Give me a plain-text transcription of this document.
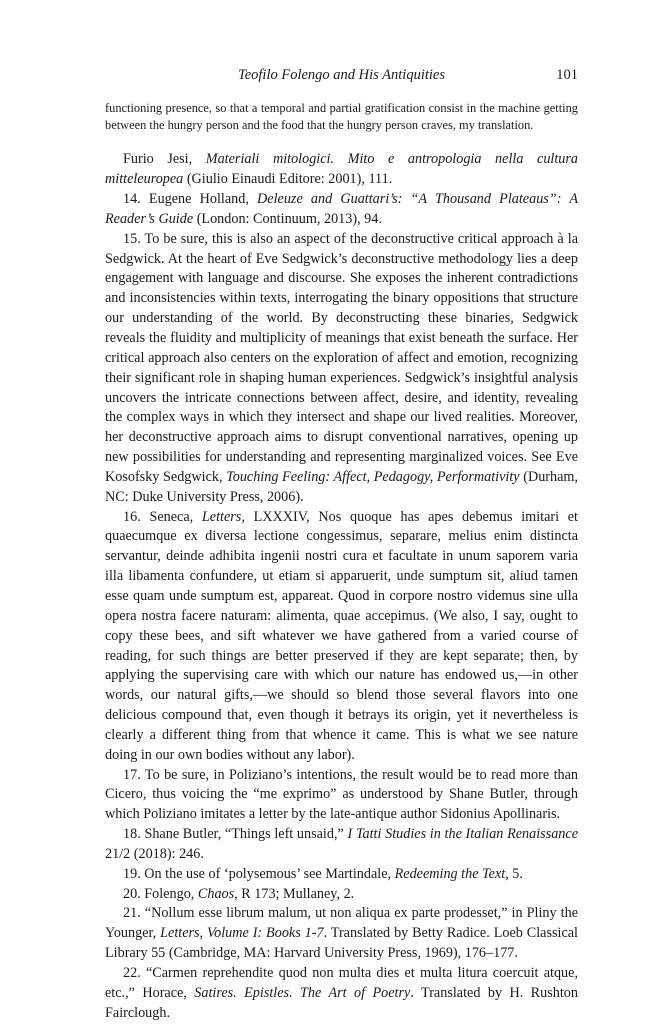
Teofilo Folengo and His Antiquities	101

functioning presence, so that a temporal and partial gratification consist in the machine getting between the hungry person and the food that the hungry person craves, my translation.

Furio Jesi, Materiali mitologici. Mito e antropologia nella cultura mitteleuropea (Giulio Einaudi Editore: 2001), 111.

14. Eugene Holland, Deleuze and Guattari’s: “A Thousand Plateaus”: A Reader’s Guide (London: Continuum, 2013), 94.

15. To be sure, this is also an aspect of the deconstructive critical approach à la Sedgwick. At the heart of Eve Sedgwick’s deconstructive methodology lies a deep engagement with language and discourse. She exposes the inherent contradictions and inconsistencies within texts, interrogating the binary oppositions that structure our understanding of the world. By deconstructing these binaries, Sedgwick reveals the fluidity and multiplicity of meanings that exist beneath the surface. Her critical approach also centers on the exploration of affect and emotion, recognizing their significant role in shaping human experiences. Sedgwick’s insightful analysis uncovers the intricate connections between affect, desire, and identity, revealing the complex ways in which they intersect and shape our lived realities. Moreover, her deconstructive approach aims to disrupt conventional narratives, opening up new possibilities for understanding and representing marginalized voices. See Eve Kosofsky Sedgwick, Touching Feeling: Affect, Pedagogy, Performativity (Durham, NC: Duke University Press, 2006).

16. Seneca, Letters, LXXXIV, Nos quoque has apes debemus imitari et quaecumque ex diversa lectione congessimus, separare, melius enim distincta servantur, deinde adhibita ingenii nostri cura et facultate in unum saporem varia illa libamenta confundere, ut etiam si apparuerit, unde sumptum sit, aliud tamen esse quam unde sumptum est, appareat. Quod in corpore nostro videmus sine ulla opera nostra facere naturam: alimenta, quae accepimus. (We also, I say, ought to copy these bees, and sift whatever we have gathered from a varied course of reading, for such things are better preserved if they are kept separate; then, by applying the supervising care with which our nature has endowed us,—in other words, our natural gifts,—we should so blend those several flavors into one delicious compound that, even though it betrays its origin, yet it nevertheless is clearly a different thing from that whence it came. This is what we see nature doing in our own bodies without any labor).

17. To be sure, in Poliziano’s intentions, the result would be to read more than Cicero, thus voicing the “me exprimo” as understood by Shane Butler, through which Poliziano imitates a letter by the late-antique author Sidonius Apollinaris.

18. Shane Butler, “Things left unsaid,” I Tatti Studies in the Italian Renaissance 21/2 (2018): 246.

19. On the use of ‘polysemous’ see Martindale, Redeeming the Text, 5.

20. Folengo, Chaos, R 173; Mullaney, 2.

21. “Nollum esse librum malum, ut non aliqua ex parte prodesset,” in Pliny the Younger, Letters, Volume I: Books 1-7. Translated by Betty Radice. Loeb Classical Library 55 (Cambridge, MA: Harvard University Press, 1969), 176–177.

22. “Carmen reprehendite quod non multa dies et multa litura coercuit atque, etc.,” Horace, Satires. Epistles. The Art of Poetry. Translated by H. Rushton Fairclough.
